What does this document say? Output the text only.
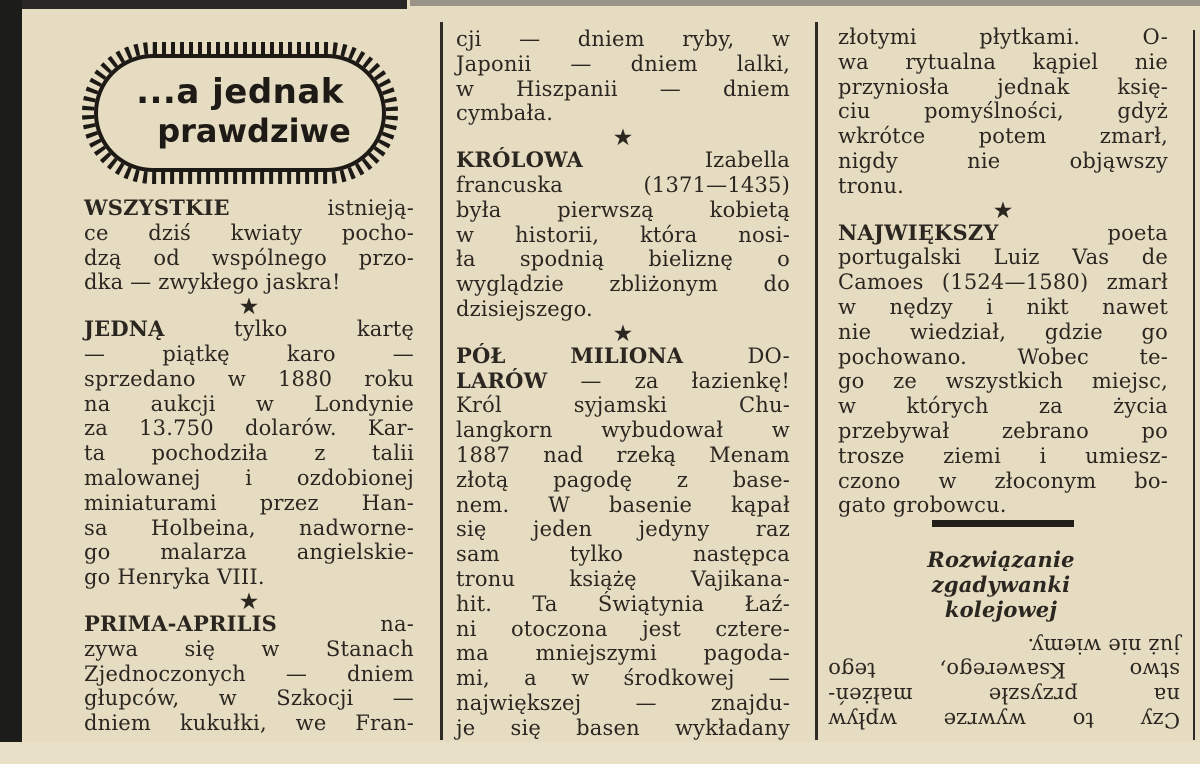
...a jednak
prawdziwe
WSZYSTKIE istnieją-
ce dziś kwiaty pocho-
dzą od wspólnego przo-
dka — zwykłego jaskra!
★
JEDNĄ tylko kartę
— piątkę karo —
sprzedano w 1880 roku
na aukcji w Londynie
za 13.750 dolarów. Kar-
ta pochodziła z talii
malowanej i ozdobionej
miniaturami przez Han-
sa Holbeina, nadworne-
go malarza angielskie-
go Henryka VIII.
★
PRIMA-APRILIS na-
zywa się w Stanach
Zjednoczonych — dniem
głupców, w Szkocji —
dniem kukułki, we Fran-
cji — dniem ryby, w
Japonii — dniem lalki,
w Hiszpanii — dniem
cymbała.
★
KRÓLOWA Izabella
francuska (1371—1435)
była pierwszą kobietą
w historii, która nosi-
ła spodnią bieliznę o
wyglądzie zbliżonym do
dzisiejszego.
★
PÓŁ MILIONA DO-
LARÓW — za łazienkę!
Król syjamski Chu-
langkorn wybudował w
1887 nad rzeką Menam
złotą pagodę z base-
nem. W basenie kąpał
się jeden jedyny raz
sam tylko następca
tronu książę Vajikana-
hit. Ta Świątynia Łaź-
ni otoczona jest cztere-
ma mniejszymi pagoda-
mi, a w środkowej —
największej — znajdu-
je się basen wykładany
złotymi płytkami. O-
wa rytualna kąpiel nie
przyniosła jednak księ-
ciu pomyślności, gdyż
wkrótce potem zmarł,
nigdy nie objąwszy
tronu.
★
NAJWIĘKSZY poeta
portugalski Luiz Vas de
Camoes (1524—1580) zmarł
w nędzy i nikt nawet
nie wiedział, gdzie go
pochowano. Wobec te-
go ze wszystkich miejsc,
w których za życia
przebywał zebrano po
trosze ziemi i umiesz-
czono w złoconym bo-
gato grobowcu.
Rozwiązanie
zgadywanki
kolejowej
Czy to wywrze wpływ
na przyszłe małżeń-
stwo Ksawerego, tego
już nie wiemy.
